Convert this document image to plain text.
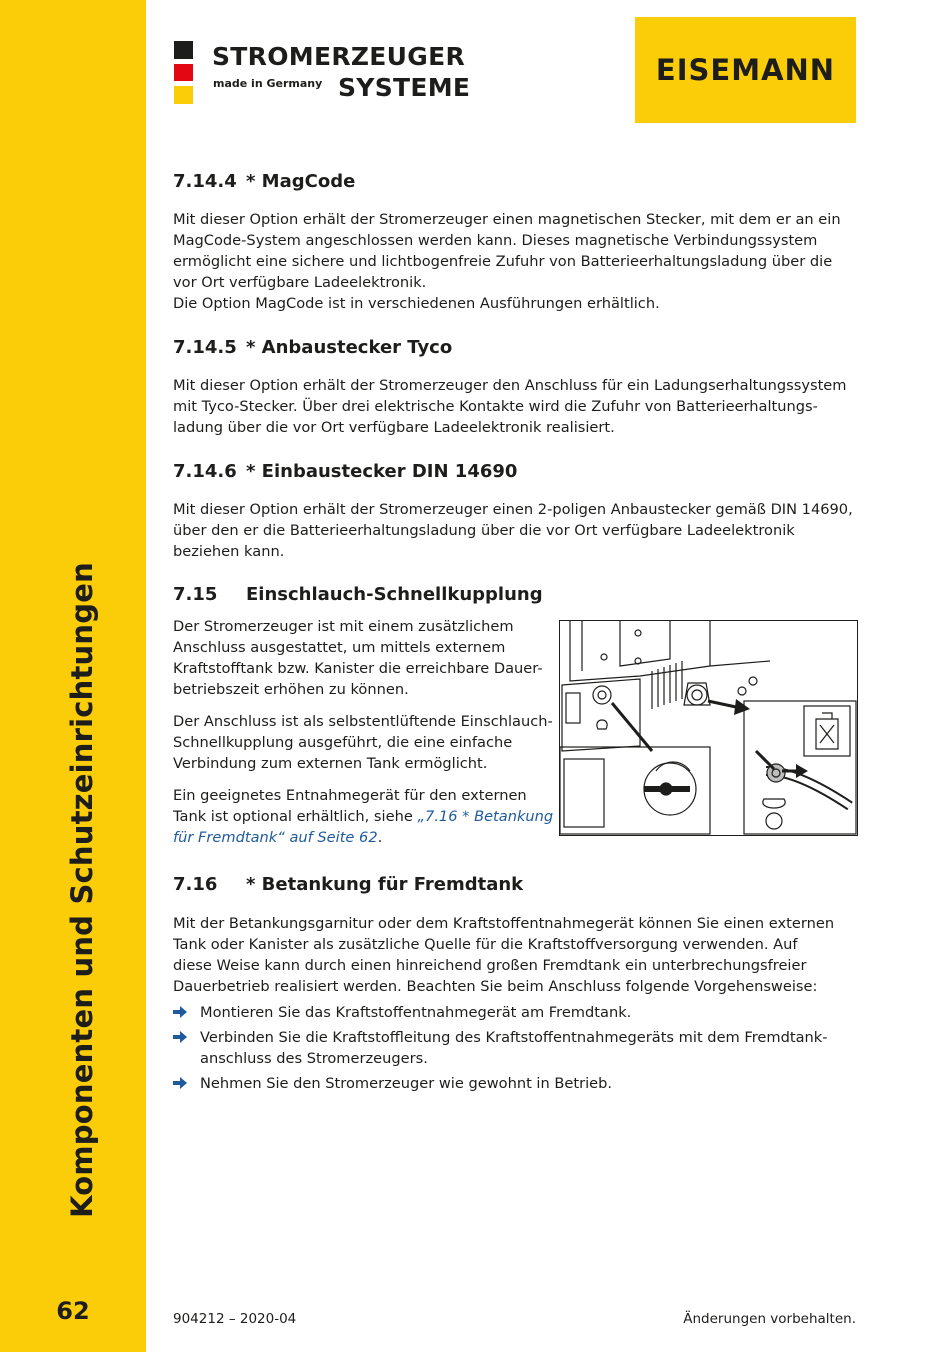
Komponenten und Schutzeinrichtungen
62
STROMERZEUGER
made in Germany SYSTEME
EISEMANN
7.14.4 * MagCode

Mit dieser Option erhält der Stromerzeuger einen magnetischen Stecker, mit dem er an ein
MagCode-System angeschlossen werden kann. Dieses magnetische Verbindungssystem
ermöglicht eine sichere und lichtbogenfreie Zufuhr von Batterieerhaltungsladung über die
vor Ort verfügbare Ladeelektronik.
Die Option MagCode ist in verschiedenen Ausführungen erhältlich.

7.14.5 * Anbaustecker Tyco

Mit dieser Option erhält der Stromerzeuger den Anschluss für ein Ladungserhaltungssystem
mit Tyco-Stecker. Über drei elektrische Kontakte wird die Zufuhr von Batterieerhaltungs-
ladung über die vor Ort verfügbare Ladeelektronik realisiert.

7.14.6 * Einbaustecker DIN 14690

Mit dieser Option erhält der Stromerzeuger einen 2-poligen Anbaustecker gemäß DIN 14690,
über den er die Batterieerhaltungsladung über die vor Ort verfügbare Ladeelektronik
beziehen kann.

7.15 Einschlauch-Schnellkupplung

Der Stromerzeuger ist mit einem zusätzlichem
Anschluss ausgestattet, um mittels externem
Kraftstofftank bzw. Kanister die erreichbare Dauer-
betriebszeit erhöhen zu können.

Der Anschluss ist als selbstentlüftende Einschlauch-
Schnellkupplung ausgeführt, die eine einfache
Verbindung zum externen Tank ermöglicht.

Ein geeignetes Entnahmegerät für den externen
Tank ist optional erhältlich, siehe „7.16 * Betankung
für Fremdtank“ auf Seite 62.

7.16 * Betankung für Fremdtank

Mit der Betankungsgarnitur oder dem Kraftstoffentnahmegerät können Sie einen externen
Tank oder Kanister als zusätzliche Quelle für die Kraftstoffversorgung verwenden. Auf
diese Weise kann durch einen hinreichend großen Fremdtank ein unterbrechungsfreier
Dauerbetrieb realisiert werden. Beachten Sie beim Anschluss folgende Vorgehensweise:

Montieren Sie das Kraftstoffentnahmegerät am Fremdtank.
Verbinden Sie die Kraftstoffleitung des Kraftstoffentnahmegeräts mit dem Fremdtank-
anschluss des Stromerzeugers.
Nehmen Sie den Stromerzeuger wie gewohnt in Betrieb.
904212 – 2020-04	Änderungen vorbehalten.
